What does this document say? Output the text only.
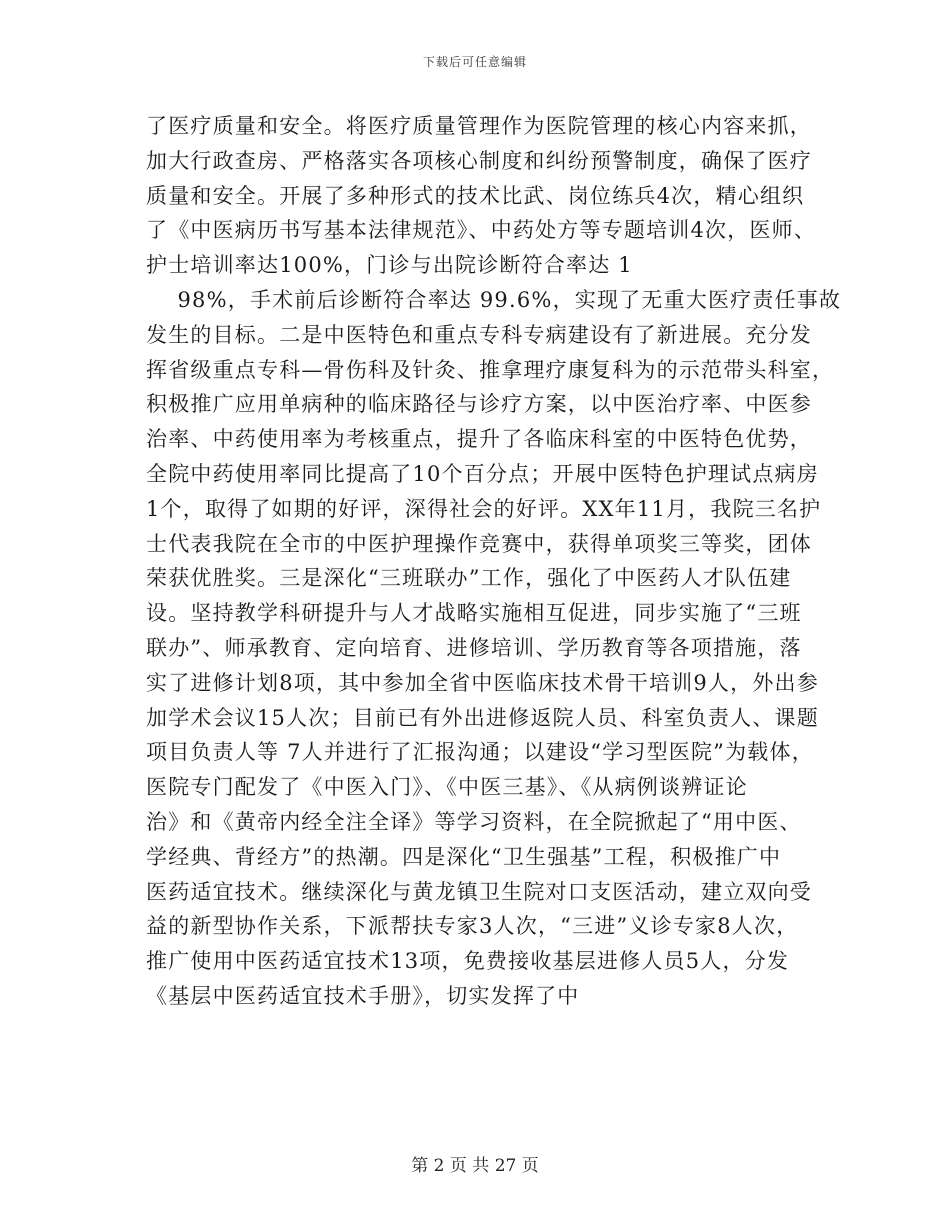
下载后可任意编辑
了医疗质量和安全。将医疗质量管理作为医院管理的核心内容来抓，
加大行政查房、严格落实各项核心制度和纠纷预警制度，确保了医疗
质量和安全。开展了多种形式的技术比武、岗位练兵4次，精心组织
了《中医病历书写基本法律规范》、中药处方等专题培训4次，医师、
护士培训率达100%，门诊与出院诊断符合率达 1
98%，手术前后诊断符合率达 99.6%，实现了无重大医疗责任事故
发生的目标。二是中医特色和重点专科专病建设有了新进展。充分发
挥省级重点专科—骨伤科及针灸、推拿理疗康复科为的示范带头科室，
积极推广应用单病种的临床路径与诊疗方案，以中医治疗率、中医参
治率、中药使用率为考核重点，提升了各临床科室的中医特色优势，
全院中药使用率同比提高了10个百分点；开展中医特色护理试点病房
1个，取得了如期的好评，深得社会的好评。XX年11月，我院三名护
士代表我院在全市的中医护理操作竞赛中，获得单项奖三等奖，团体
荣获优胜奖。三是深化“三班联办”工作，强化了中医药人才队伍建
设。坚持教学科研提升与人才战略实施相互促进，同步实施了“三班
联办”、师承教育、定向培育、进修培训、学历教育等各项措施，落
实了进修计划8项，其中参加全省中医临床技术骨干培训9人，外出参
加学术会议15人次；目前已有外出进修返院人员、科室负责人、课题
项目负责人等 7人并进行了汇报沟通；以建设“学习型医院”为载体，
医院专门配发了《中医入门》、《中医三基》、《从病例谈辨证论
治》和《黄帝内经全注全译》等学习资料，在全院掀起了“用中医、
学经典、背经方”的热潮。四是深化“卫生强基”工程，积极推广中
医药适宜技术。继续深化与黄龙镇卫生院对口支医活动，建立双向受
益的新型协作关系，下派帮扶专家3人次，“三进”义诊专家8人次，
推广使用中医药适宜技术13项，免费接收基层进修人员5人，分发
《基层中医药适宜技术手册》，切实发挥了中
第 2 页 共 27 页
